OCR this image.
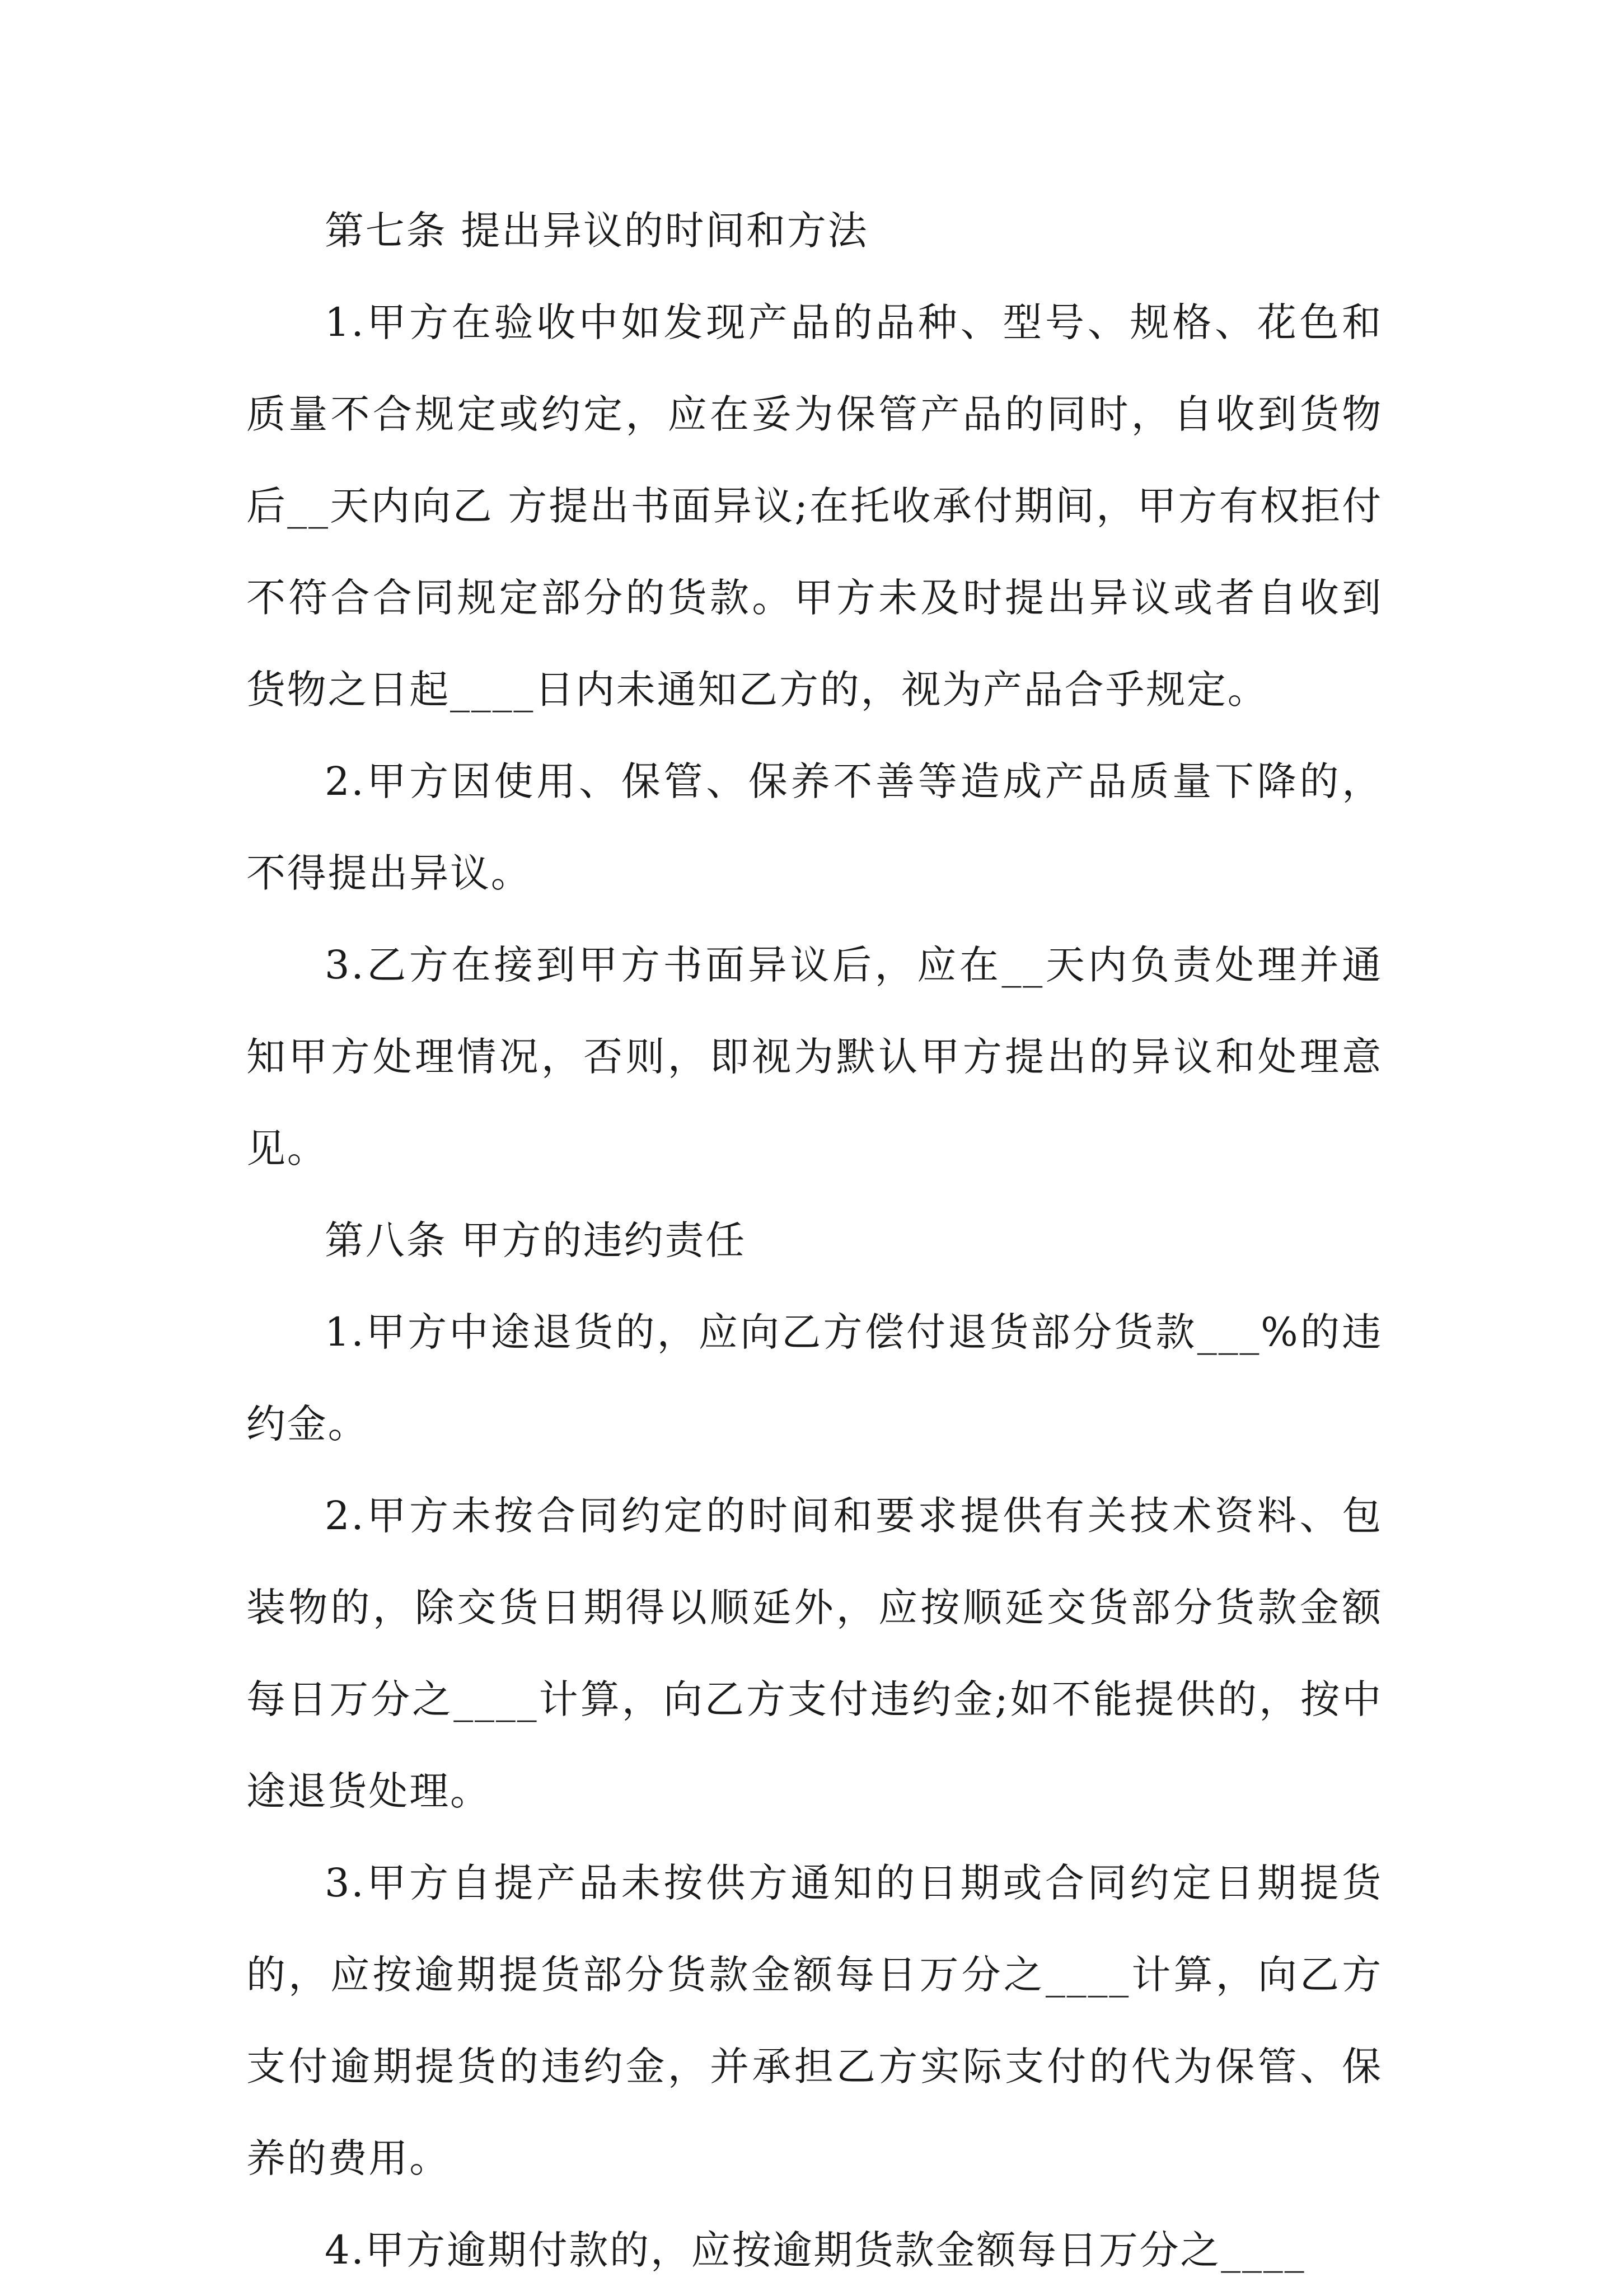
第七条 提出异议的时间和方法

1.甲方在验收中如发现产品的品种、型号、规格、花色和质量不合规定或约定，应在妥为保管产品的同时，自收到货物后__天内向乙 方提出书面异议;在托收承付期间，甲方有权拒付不符合合同规定部分的货款。甲方未及时提出异议或者自收到货物之日起____日内未通知乙方的，视为产品合乎规定。

2.甲方因使用、保管、保养不善等造成产品质量下降的，不得提出异议。

3.乙方在接到甲方书面异议后，应在__天内负责处理并通知甲方处理情况，否则，即视为默认甲方提出的异议和处理意见。

第八条 甲方的违约责任

1.甲方中途退货的，应向乙方偿付退货部分货款___%的违约金。

2.甲方未按合同约定的时间和要求提供有关技术资料、包装物的，除交货日期得以顺延外，应按顺延交货部分货款金额每日万分之____计算，向乙方支付违约金;如不能提供的，按中途退货处理。

3.甲方自提产品未按供方通知的日期或合同约定日期提货的，应按逾期提货部分货款金额每日万分之____计算，向乙方支付逾期提货的违约金，并承担乙方实际支付的代为保管、保养的费用。

4.甲方逾期付款的，应按逾期货款金额每日万分之____
